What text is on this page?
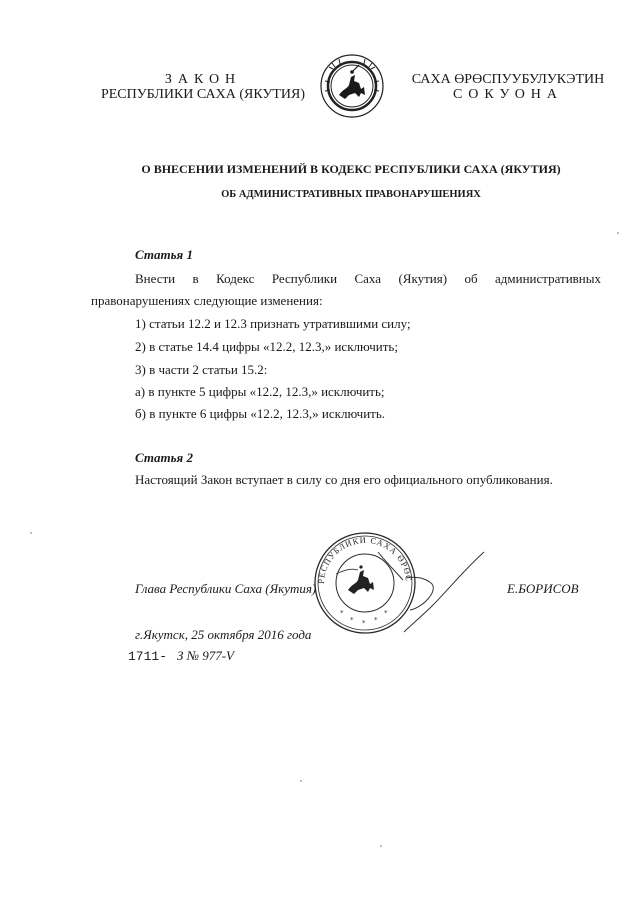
ЗАКОН
РЕСПУБЛИКИ САХА (ЯКУТИЯ)
САХА ӨРӨСПУУБУЛУКЭТИН
СОКУОНА
О ВНЕСЕНИИ ИЗМЕНЕНИЙ В КОДЕКС РЕСПУБЛИКИ САХА (ЯКУТИЯ)
ОБ АДМИНИСТРАТИВНЫХ ПРАВОНАРУШЕНИЯХ
Статья 1
Внести в Кодекс Республики Саха (Якутия) об административных
правонарушениях следующие изменения:
1) статьи 12.2 и 12.3 признать утратившими силу;
2) в статье 14.4 цифры «12.2, 12.3,» исключить;
3) в части 2 статьи 15.2:
а) в пункте 5 цифры «12.2, 12.3,» исключить;
б) в пункте 6 цифры «12.2, 12.3,» исключить.
Статья 2
Настоящий Закон вступает в силу со дня его официального опубликования.
РЕСПУБЛИКИ САХА ӨРӨС
* * *
*	*
Глава Республики Саха (Якутия)	Е.БОРИСОВ
г.Якутск, 25 октября 2016 года
1711- З № 977-V
